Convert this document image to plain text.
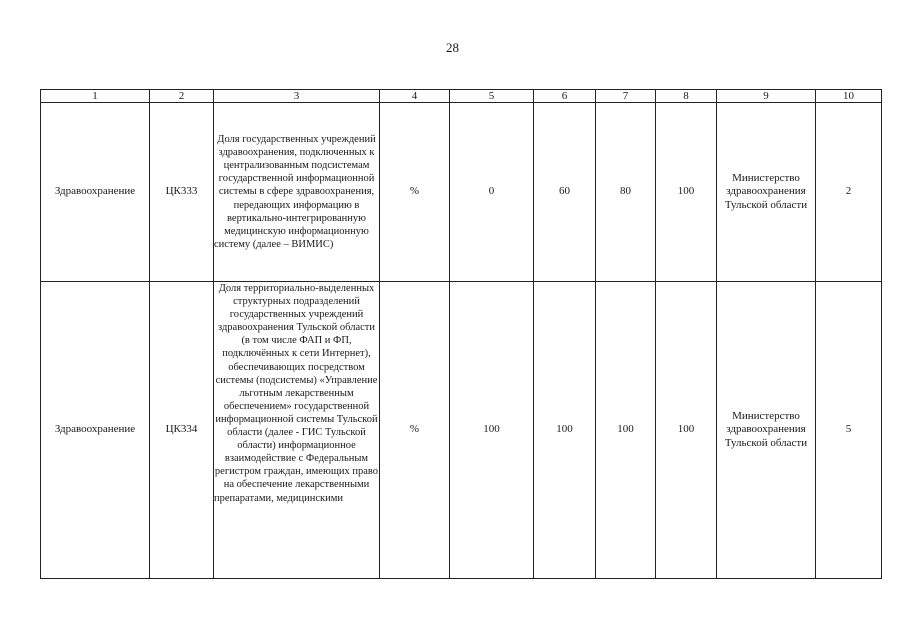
28
1	2	3	4	5	6	7	8	9	10
Здравоохранение	ЦК333	Доля государственных учреждений здравоохранения, подключенных к централизованным подсистемам государственной информационной системы в сфере здравоохранения, передающих информацию в вертикально-интегрированную медицинскую информационную систему (далее – ВИМИС)	%	0	60	80	100	Министерство здравоохранения Тульской области	2
Здравоохранение	ЦК334	Доля территориально-выделенных структурных подразделений государственных учреждений здравоохранения Тульской области (в том числе ФАП и ФП, подключённых к сети Интернет), обеспечивающих посредством системы (подсистемы) «Управление льготным лекарственным обеспечением» государственной информационной системы Тульской области (далее - ГИС Тульской области) информационное взаимодействие с Федеральным регистром граждан, имеющих право на обеспечение лекарственными препаратами, медицинскими	%	100	100	100	100	Министерство здравоохранения Тульской области	5
